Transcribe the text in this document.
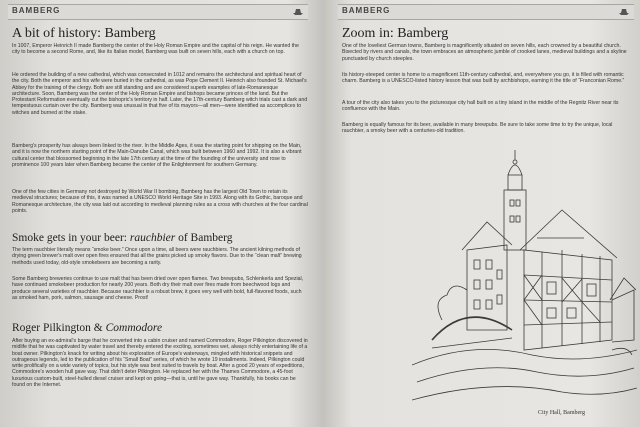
BAMBERG
A bit of history: Bamberg

In 1007, Emperor Heinrich II made Bamberg the center of the Holy Roman Empire and the capital of his reign. He wanted the city to become a second Rome, and, like its Italian model, Bamberg was built on seven hills, each with a church on top.

He ordered the building of a new cathedral, which was consecrated in 1012 and remains the architectural and spiritual heart of the city. Both the emperor and his wife were buried in the cathedral, as was Pope Clement II. Heinrich also founded St. Michael's Abbey for the training of the clergy. Both are still standing and are considered superb examples of late-Romanesque architecture. Soon, Bamberg was the center of the Holy Roman Empire and bishops became princes of the land. But the Protestant Reformation eventually cut the bishopric's territory in half. Later, the 17th-century Bamberg witch trials cast a dark and tempestuous curtain over the city. Bamberg was unusual in that five of its mayors—all men—were identified as accomplices to witches and burned at the stake.

Bamberg's prosperity has always been linked to the river. In the Middle Ages, it was the starting point for shipping on the Main, and it is now the northern starting point of the Main-Danube Canal, which was built between 1960 and 1992. It is also a vibrant cultural center that blossomed beginning in the late 17th century at the time of the founding of the university and rose to prominence 100 years later when Bamberg became the center of the Enlightenment for southern Germany.

One of the few cities in Germany not destroyed by World War II bombing, Bamberg has the largest Old Town to retain its medieval structures; because of this, it was named a UNESCO World Heritage Site in 1993. Along with its Gothic, baroque and Romanesque architecture, the city was laid out according to medieval planning rules as a cross with churches at the four cardinal points.

Smoke gets in your beer: rauchbier of Bamberg

The term rauchbier literally means “smoke beer.” Once upon a time, all beers were rauchbiers. The ancient kilning methods of drying green brewer's malt over open fires ensured that all the grains picked up smoky flavors. Due to the “clean malt” brewing methods used today, old-style smokebeers are becoming a rarity.

Some Bamberg breweries continue to use malt that has been dried over open flames. Two brewpubs, Schlenkerla and Spezial, have continued smokebeer production for nearly 200 years. Both dry their malt over fires made from beechwood logs and produce several varieties of rauchbier. Because rauchbier is a robust brew, it goes very well with bold, full-flavored foods, such as smoked ham, pork, salmon, sausage and cheese. Prost!

Roger Pilkington & Commodore

After buying an ex-admiral's barge that he converted into a cabin cruiser and named Commodore, Roger Pilkington discovered in midlife that he was captivated by water travel and thereby entered the exciting, sometimes wet, always richly entertaining life of a boat owner. Pilkington's knack for writing about his exploration of Europe's waterways, mingled with historical snippets and outrageous legends, led to the publication of his “Small Boat” series, of which he wrote 19 installments. Indeed, Pilkington could write prolifically on a wide variety of topics, but his style was best suited to travels by boat. After a good 20 years of expeditions, Commodore's wooden hull gave way. That didn't deter Pilkington. He replaced her with the Thames Commodore, a 45-foot luxurious custom-built, steel-hulled diesel cruiser and kept on going—that is, until he gave way. Thankfully, his books can be found on the Internet.

BAMBERG
Zoom in: Bamberg

One of the loveliest German towns, Bamberg is magnificently situated on seven hills, each crowned by a beautiful church. Bisected by rivers and canals, the town embraces an atmospheric jumble of crooked lanes, medieval buildings and a skyline punctuated by church steeples.

Its history-steeped center is home to a magnificent 11th-century cathedral, and, everywhere you go, it is filled with romantic charm. Bamberg is a UNESCO-listed history lesson that was built by archbishops, earning it the title of “Franconian Rome.”

A tour of the city also takes you to the picturesque city hall built on a tiny island in the middle of the Regnitz River near its confluence with the Main.

Bamberg is equally famous for its beer, available in many brewpubs. Be sure to take some time to try the unique, local rauchbier, a smoky beer with a centuries-old tradition.

City Hall, Bamberg
